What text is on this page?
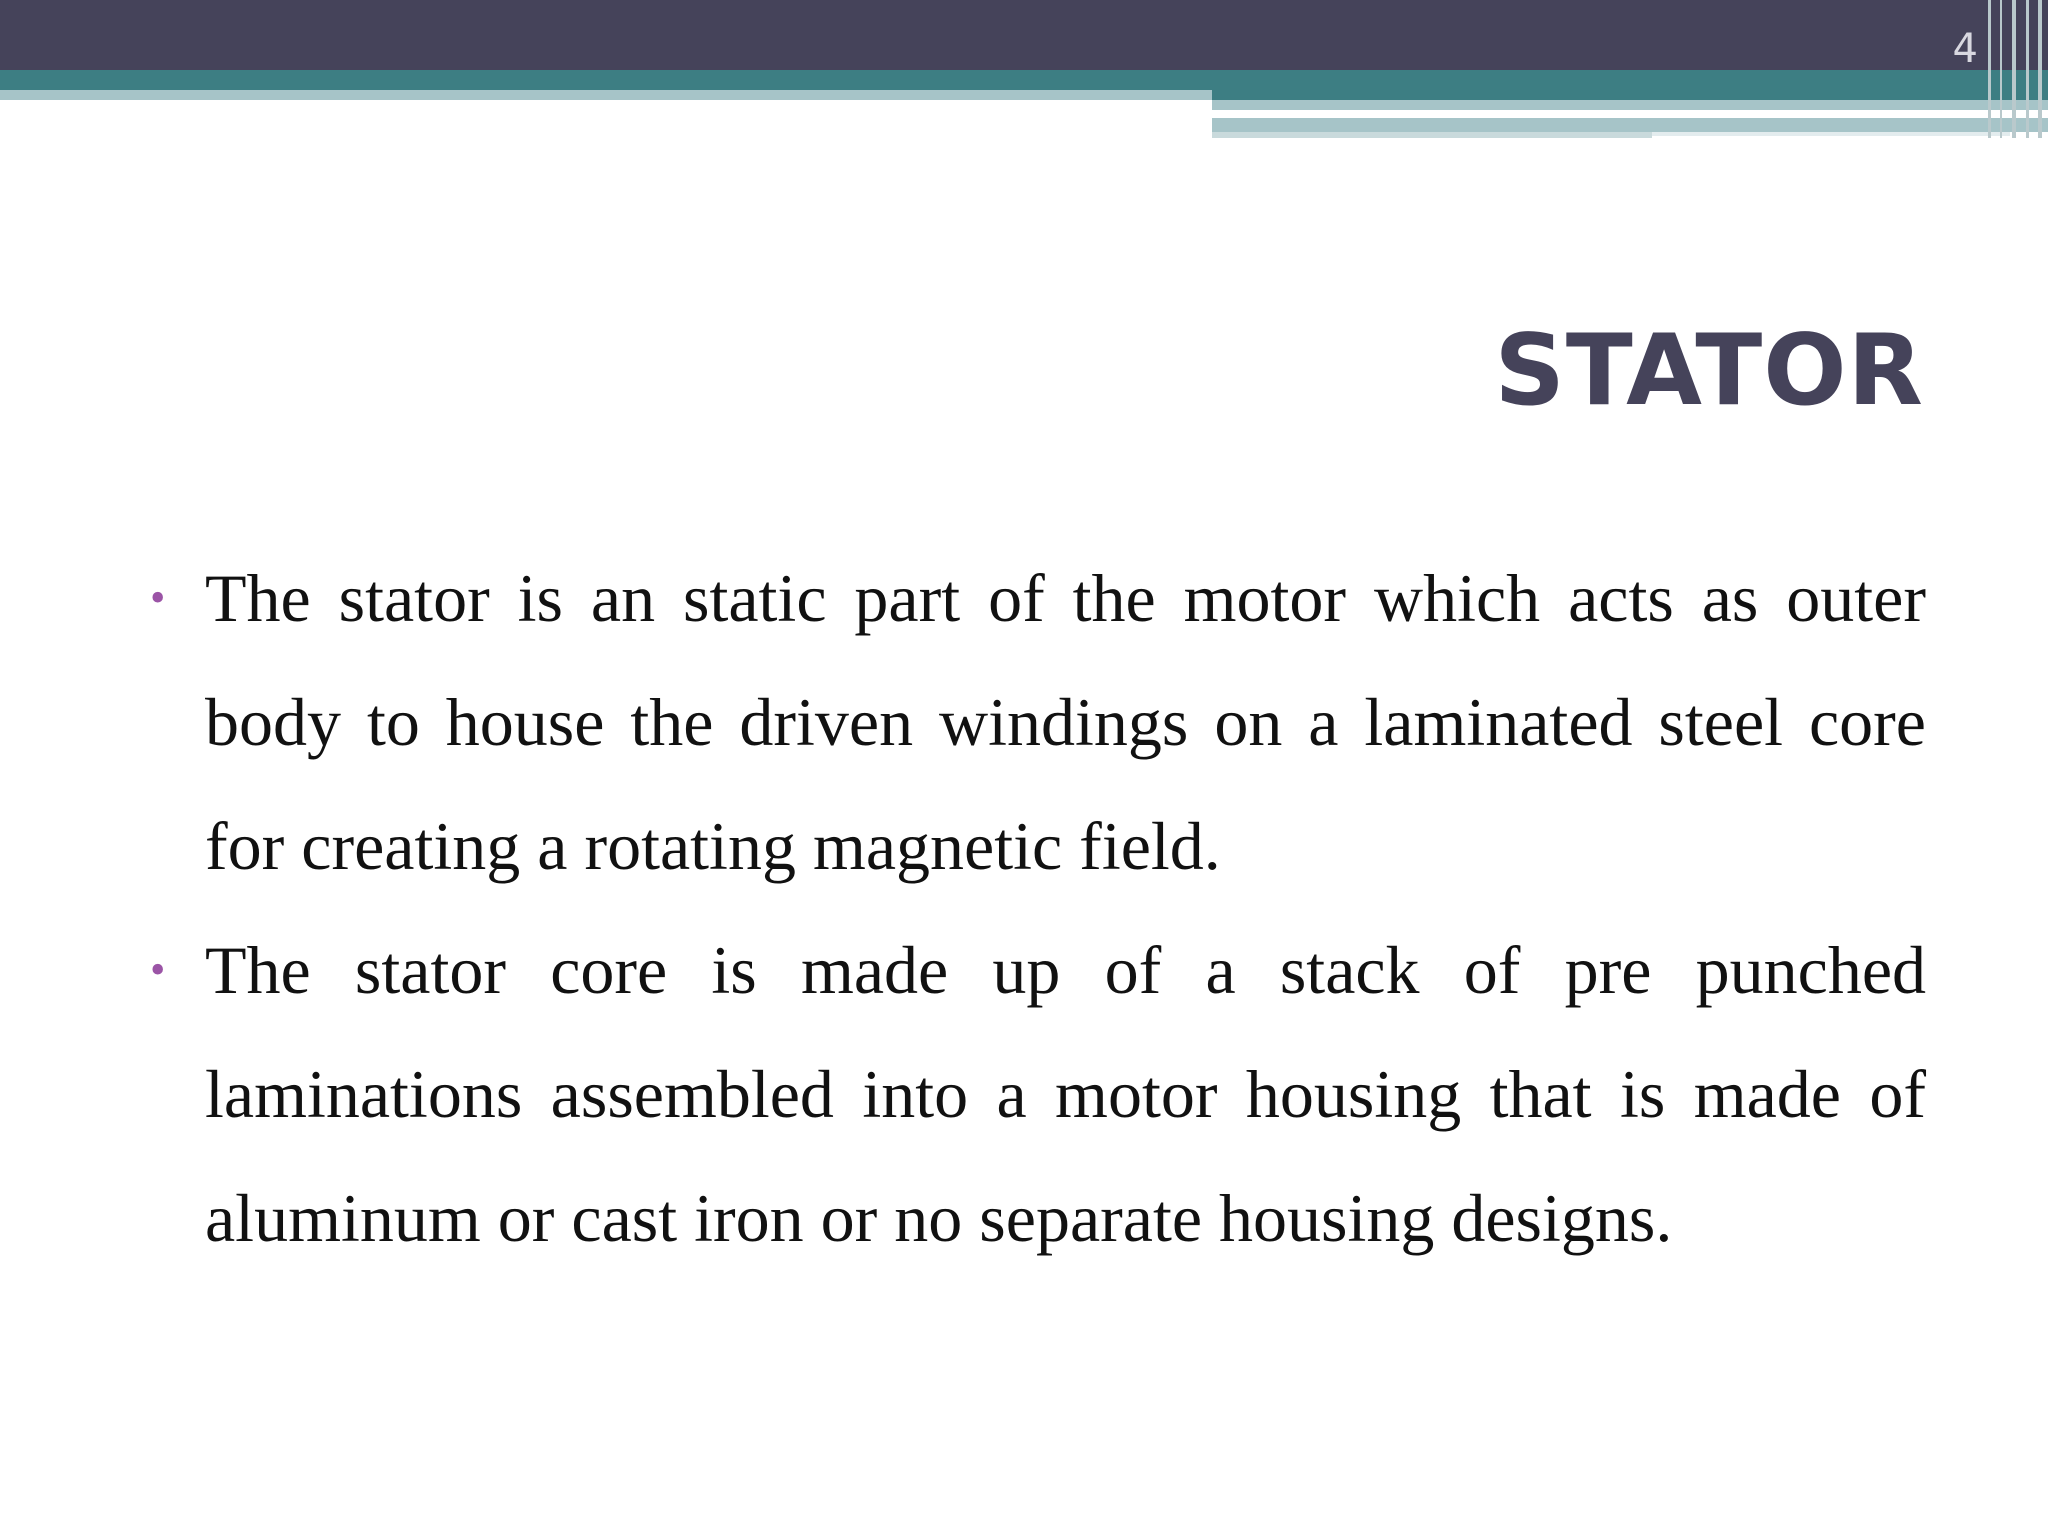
4
STATOR
• The stator is an static part of the motor which acts as outer body to house the driven windings on a laminated steel core for creating a rotating magnetic field.
• The stator core is made up of a stack of pre punched laminations assembled into a motor housing that is made of aluminum or cast iron or no separate housing designs.
